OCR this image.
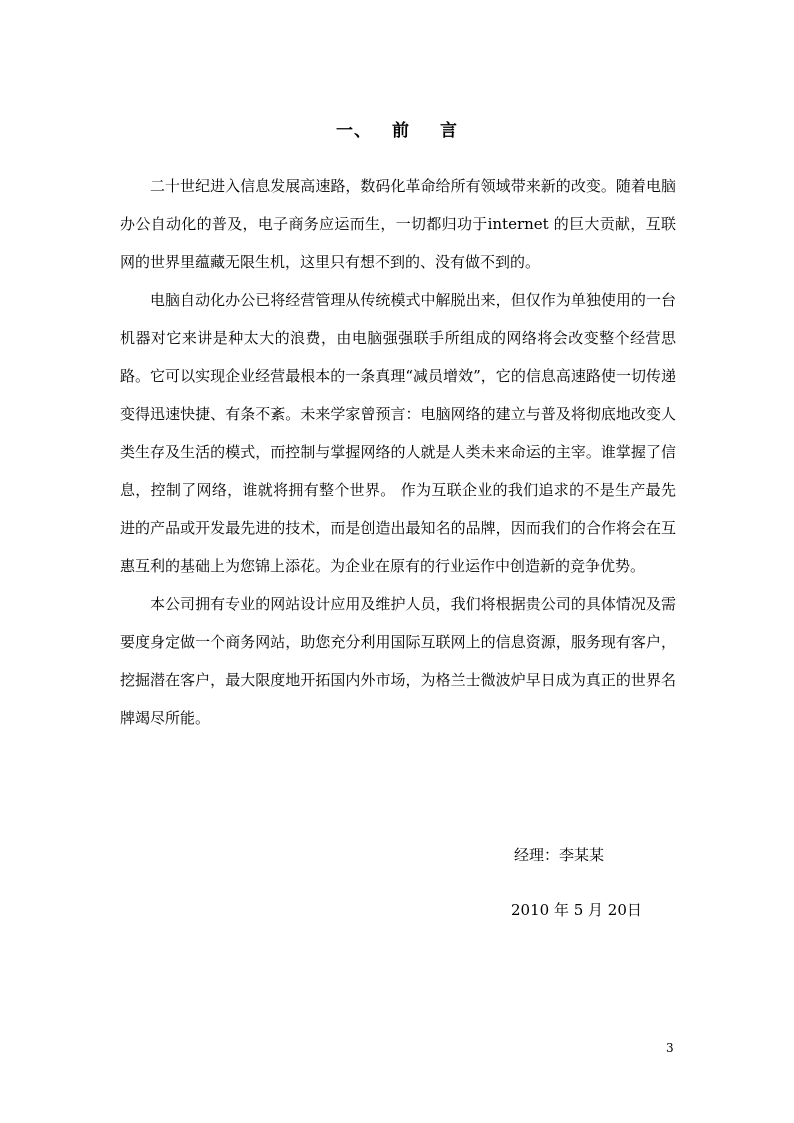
一、 前 言

二十世纪进入信息发展高速路，数码化革命给所有领域带来新的改变。随着电脑办公自动化的普及，电子商务应运而生，一切都归功于internet 的巨大贡献，互联网的世界里蕴藏无限生机，这里只有想不到的、没有做不到的。

电脑自动化办公已将经营管理从传统模式中解脱出来，但仅作为单独使用的一台机器对它来讲是种太大的浪费，由电脑强强联手所组成的网络将会改变整个经营思路。它可以实现企业经营最根本的一条真理“减员增效”，它的信息高速路使一切传递变得迅速快捷、有条不紊。未来学家曾预言：电脑网络的建立与普及将彻底地改变人类生存及生活的模式，而控制与掌握网络的人就是人类未来命运的主宰。谁掌握了信息，控制了网络，谁就将拥有整个世界。 作为互联企业的我们追求的不是生产最先进的产品或开发最先进的技术，而是创造出最知名的品牌，因而我们的合作将会在互惠互利的基础上为您锦上添花。为企业在原有的行业运作中创造新的竞争优势。

本公司拥有专业的网站设计应用及维护人员，我们将根据贵公司的具体情况及需要度身定做一个商务网站，助您充分利用国际互联网上的信息资源，服务现有客户，挖掘潜在客户，最大限度地开拓国内外市场，为格兰士微波炉早日成为真正的世界名牌竭尽所能。

经理：李某某
2010 年 5 月 20日
3
